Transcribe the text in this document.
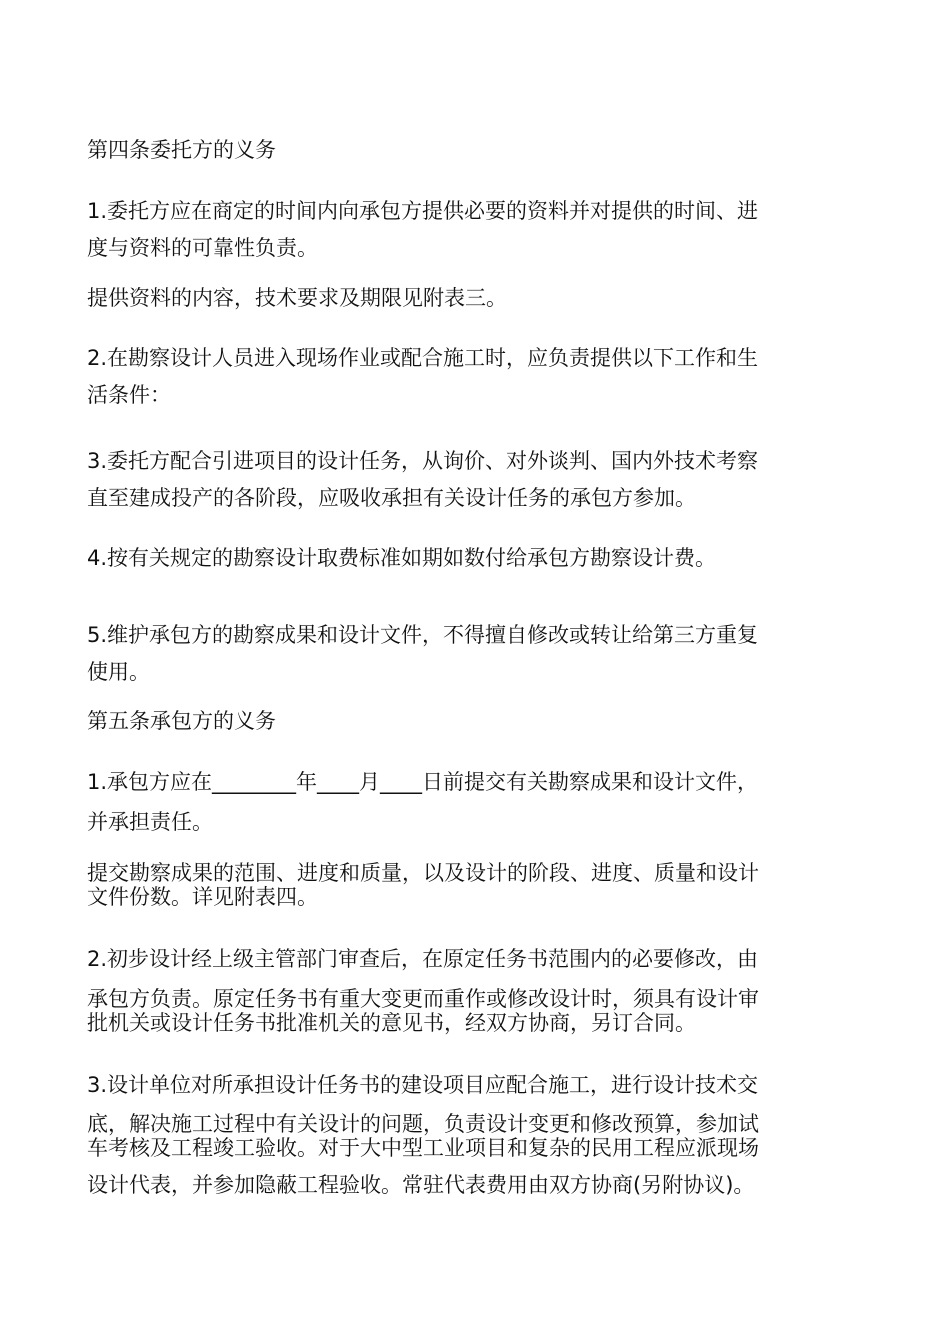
第四条委托方的义务
1.委托方应在商定的时间内向承包方提供必要的资料并对提供的时间、进
度与资料的可靠性负责。
提供资料的内容，技术要求及期限见附表三。
2.在勘察设计人员进入现场作业或配合施工时，应负责提供以下工作和生
活条件：
3.委托方配合引进项目的设计任务，从询价、对外谈判、国内外技术考察
直至建成投产的各阶段，应吸收承担有关设计任务的承包方参加。
4.按有关规定的勘察设计取费标准如期如数付给承包方勘察设计费。
5.维护承包方的勘察成果和设计文件，不得擅自修改或转让给第三方重复
使用。
第五条承包方的义务
1.承包方应在________年____月____日前提交有关勘察成果和设计文件，
并承担责任。
提交勘察成果的范围、进度和质量，以及设计的阶段、进度、质量和设计
文件份数。详见附表四。
2.初步设计经上级主管部门审查后，在原定任务书范围内的必要修改，由
承包方负责。原定任务书有重大变更而重作或修改设计时，须具有设计审
批机关或设计任务书批准机关的意见书，经双方协商，另订合同。
3.设计单位对所承担设计任务书的建设项目应配合施工，进行设计技术交
底，解决施工过程中有关设计的问题，负责设计变更和修改预算，参加试
车考核及工程竣工验收。对于大中型工业项目和复杂的民用工程应派现场
设计代表，并参加隐蔽工程验收。常驻代表费用由双方协商(另附协议)。
